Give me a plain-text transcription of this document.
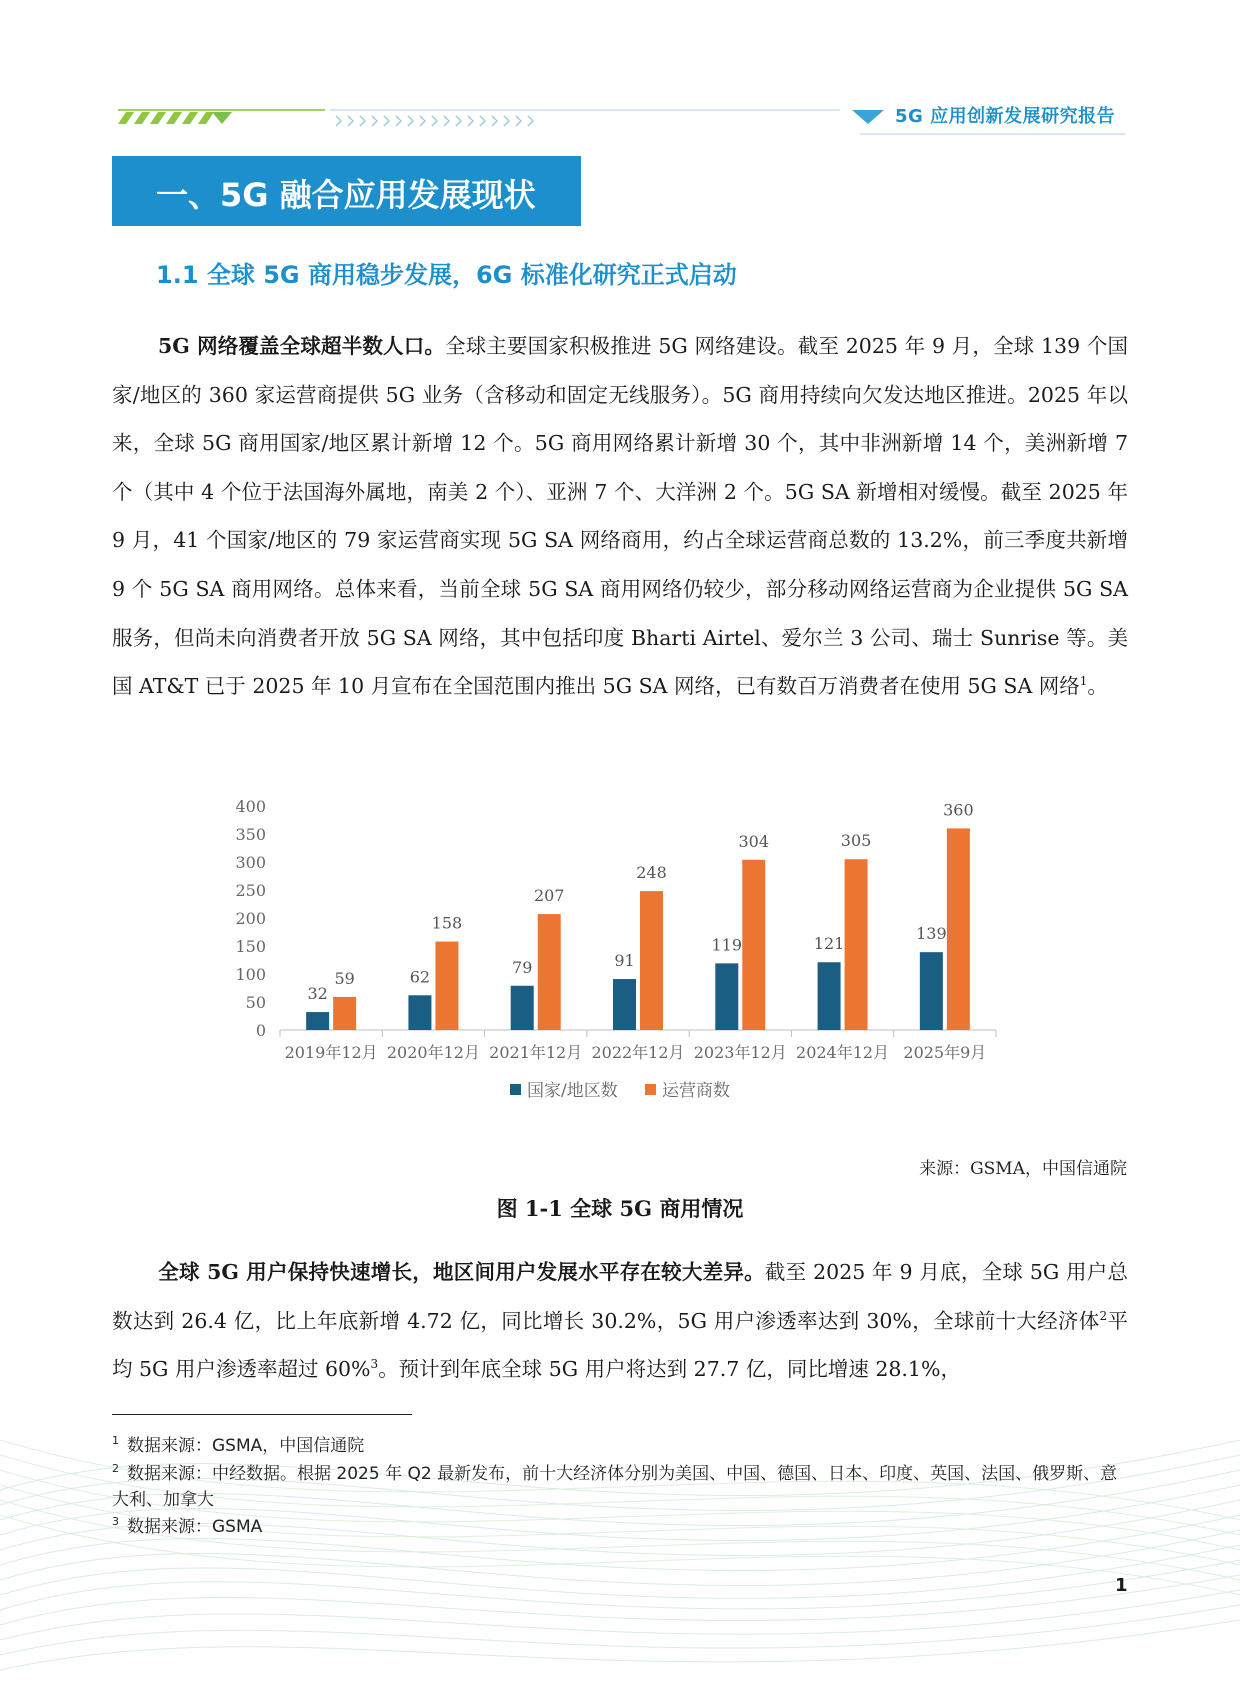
5G 应用创新发展研究报告
一、5G 融合应用发展现状
1.1 全球 5G 商用稳步发展，6G 标准化研究正式启动
5G 网络覆盖全球超半数人口。全球主要国家积极推进 5G 网络建设。截至 2025 年 9 月，全球 139 个国家/地区的 360 家运营商提供 5G 业务（含移动和固定无线服务）。5G 商用持续向欠发达地区推进。2025 年以来，全球 5G 商用国家/地区累计新增 12 个。5G 商用网络累计新增 30 个，其中非洲新增 14 个，美洲新增 7 个（其中 4 个位于法国海外属地，南美 2 个）、亚洲 7 个、大洋洲 2 个。5G SA 新增相对缓慢。截至 2025 年 9 月，41 个国家/地区的 79 家运营商实现 5G SA 网络商用，约占全球运营商总数的 13.2%，前三季度共新增 9 个 5G SA 商用网络。总体来看，当前全球 5G SA 商用网络仍较少，部分移动网络运营商为企业提供 5G SA 服务，但尚未向消费者开放 5G SA 网络，其中包括印度 Bharti Airtel、爱尔兰 3 公司、瑞士 Sunrise 等。美国 AT&T 已于 2025 年 10 月宣布在全国范围内推出 5G SA 网络，已有数百万消费者在使用 5G SA 网络$^1$。
0
50
100
150
200
250
300
350
400
32
59
2019年12月
62
158
2020年12月
79
207
2021年12月
91
248
2022年12月
119
304
2023年12月
121
305
2024年12月
139
360
2025年9月
国家/地区数	运营商数
来源：GSMA，中国信通院
图 1-1 全球 5G 商用情况
全球 5G 用户保持快速增长，地区间用户发展水平存在较大差异。截至 2025 年 9 月底，全球 5G 用户总数达到 26.4 亿，比上年底新增 4.72 亿，同比增长 30.2%，5G 用户渗透率达到 30%，全球前十大经济体$^2$平均 5G 用户渗透率超过 60%$^3$。预计到年底全球 5G 用户将达到 27.7 亿，同比增速 28.1%，
$^1$ 数据来源：GSMA，中国信通院
$^2$ 数据来源：中经数据。根据 2025 年 Q2 最新发布，前十大经济体分别为美国、中国、德国、日本、印度、英国、法国、俄罗斯、意大利、加拿大
$^3$ 数据来源：GSMA
1
